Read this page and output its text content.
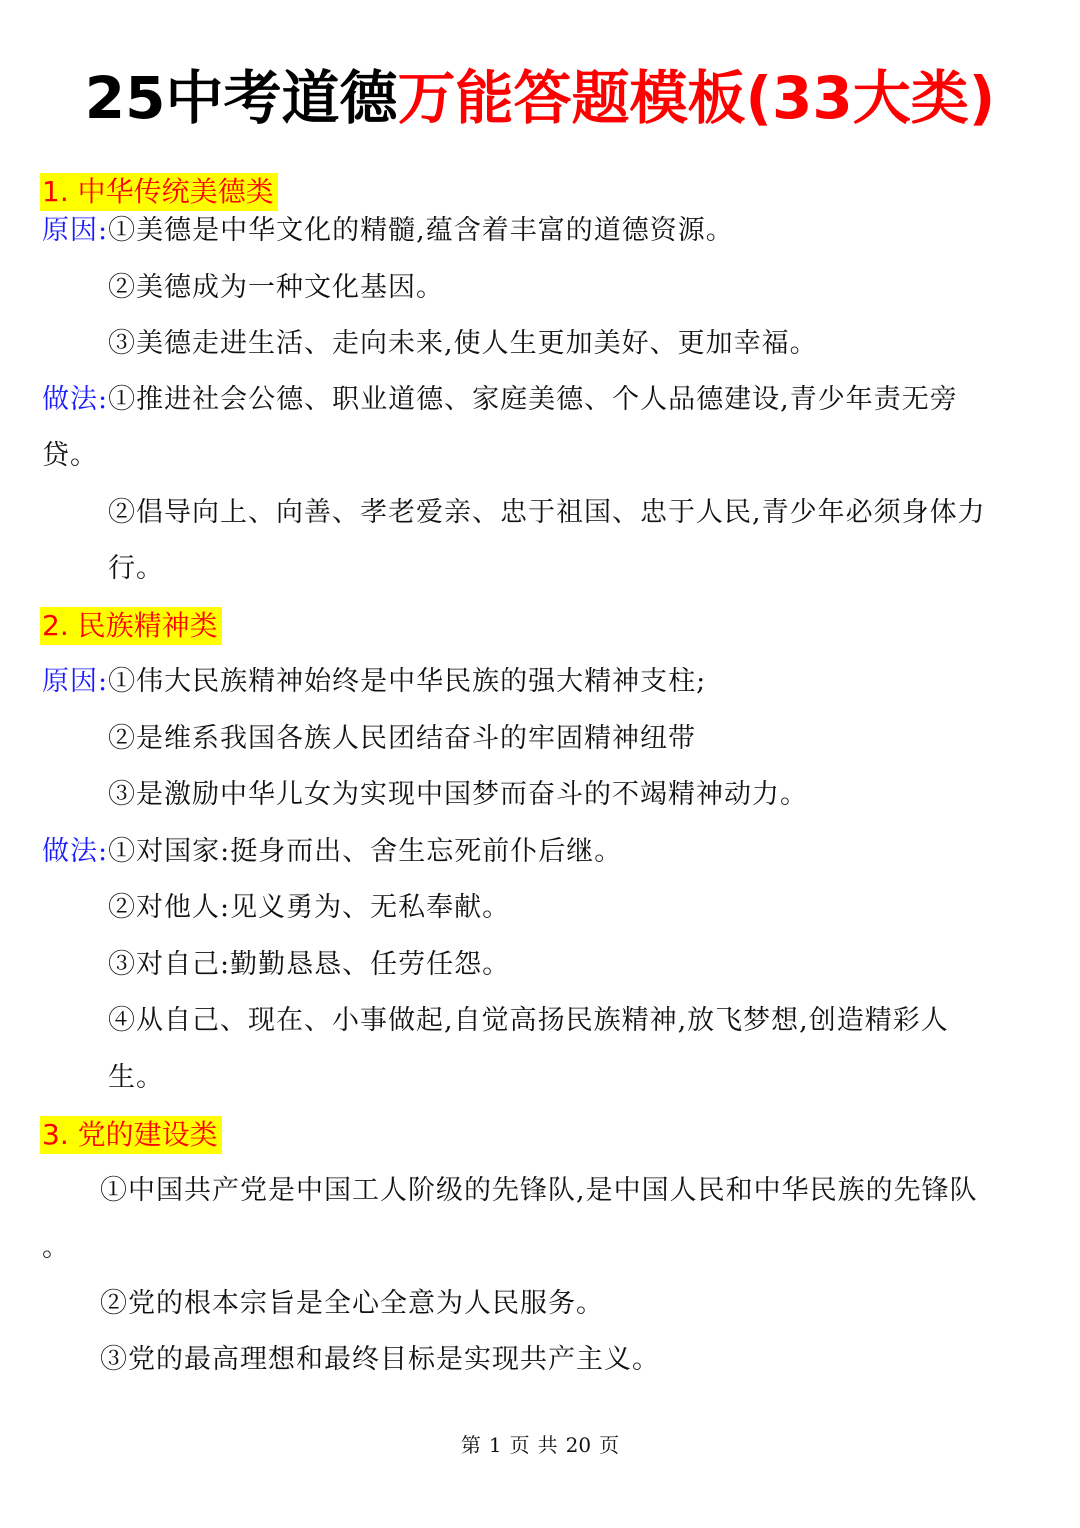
25中考道德万能答题模板(33大类)
1. 中华传统美德类
原因:①美德是中华文化的精髓,蕴含着丰富的道德资源。
②美德成为一种文化基因。
③美德走进生活、走向未来,使人生更加美好、更加幸福。
做法:①推进社会公德、职业道德、家庭美德、个人品德建设,青少年责无旁
贷。
②倡导向上、向善、孝老爱亲、忠于祖国、忠于人民,青少年必须身体力
行。
2. 民族精神类
原因:①伟大民族精神始终是中华民族的强大精神支柱;
②是维系我国各族人民团结奋斗的牢固精神纽带
③是激励中华儿女为实现中国梦而奋斗的不竭精神动力。
做法:①对国家:挺身而出、舍生忘死前仆后继。
②对他人:见义勇为、无私奉献。
③对自己:勤勤恳恳、任劳任怨。
④从自己、现在、小事做起,自觉高扬民族精神,放飞梦想,创造精彩人
生。
3. 党的建设类
①中国共产党是中国工人阶级的先锋队,是中国人民和中华民族的先锋队
。
②党的根本宗旨是全心全意为人民服务。
③党的最高理想和最终目标是实现共产主义。
第 1 页 共 20 页
